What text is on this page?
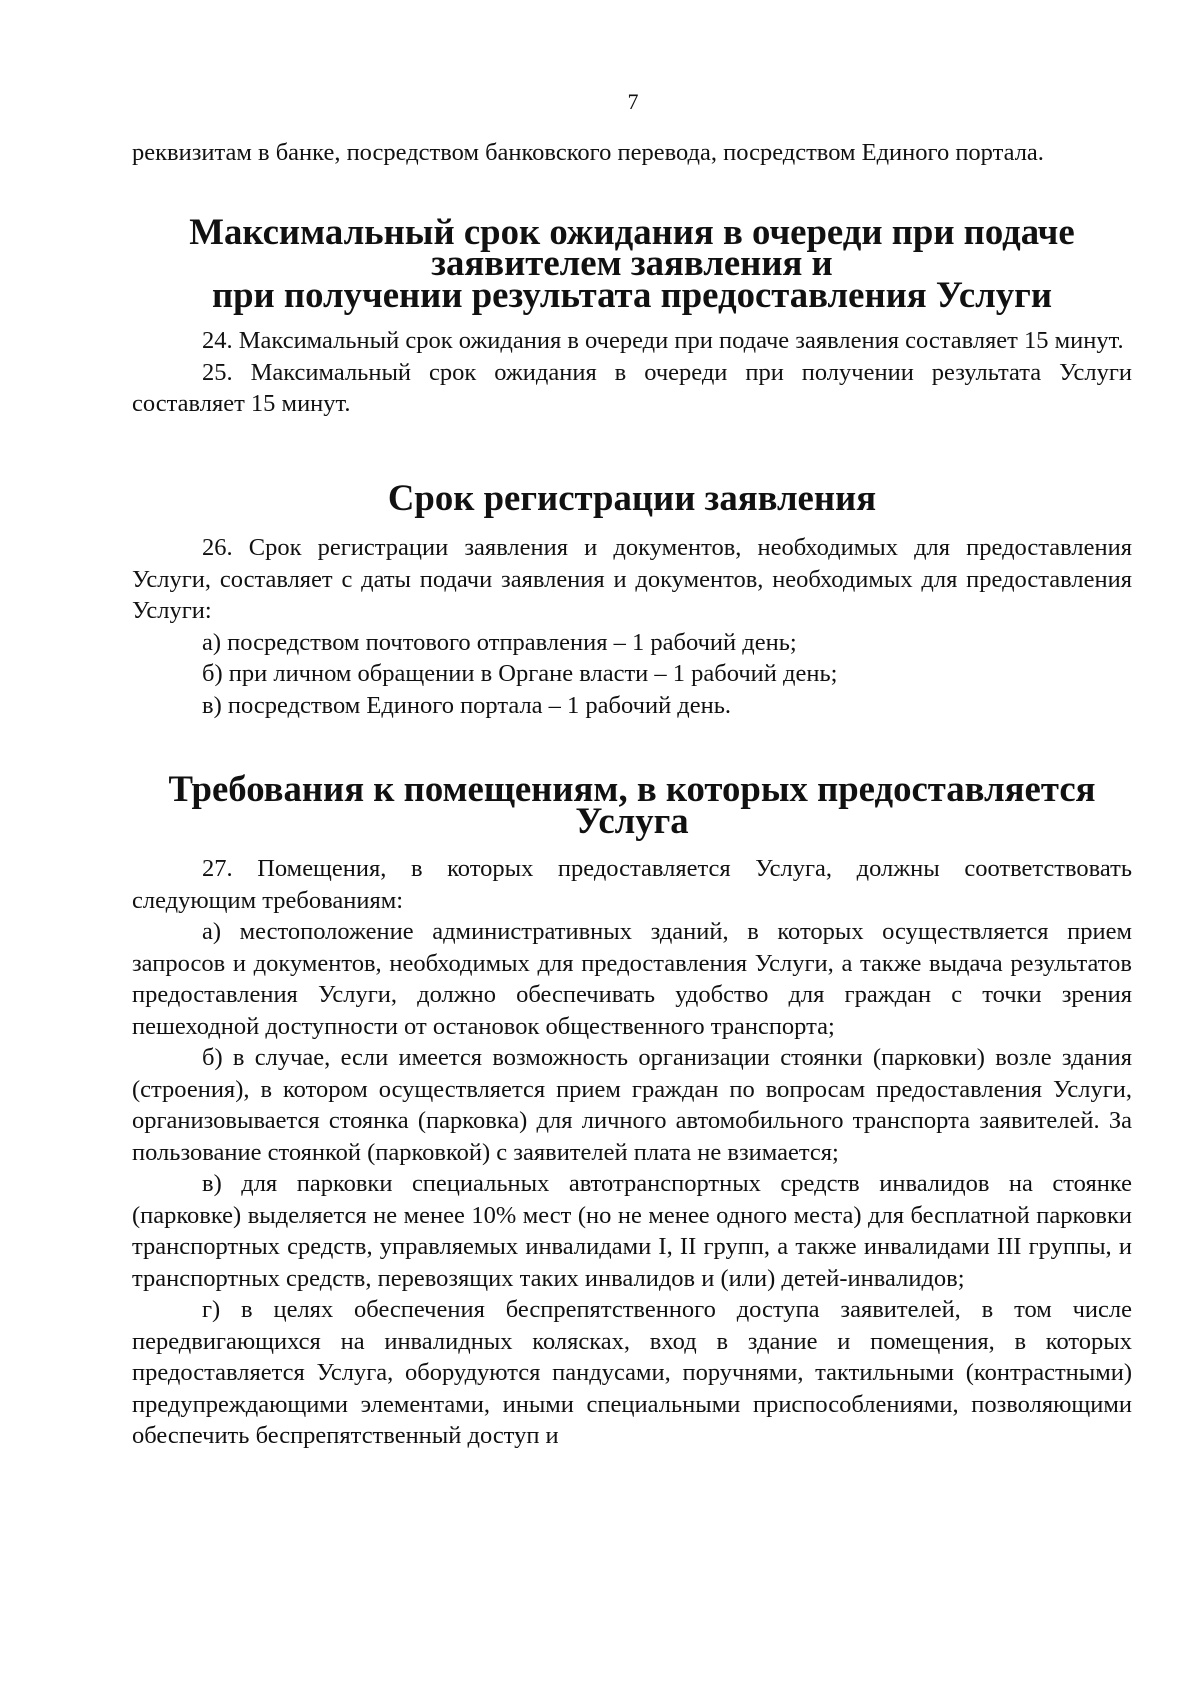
7

реквизитам в банке, посредством банковского перевода, посредством Единого портала.

Максимальный срок ожидания в очереди при подаче заявителем заявления и
при получении результата предоставления Услуги

24. Максимальный срок ожидания в очереди при подаче заявления составляет 15 минут.

25. Максимальный срок ожидания в очереди при получении результата Услуги составляет 15 минут.

Срок регистрации заявления

26. Срок регистрации заявления и документов, необходимых для предоставления Услуги, составляет с даты подачи заявления и документов, необходимых для предоставления Услуги:

а) посредством почтового отправления – 1 рабочий день;

б) при личном обращении в Органе власти – 1 рабочий день;

в) посредством Единого портала – 1 рабочий день.

Требования к помещениям, в которых предоставляется Услуга

27. Помещения, в которых предоставляется Услуга, должны соответствовать следующим требованиям:

а) местоположение административных зданий, в которых осуществляется прием запросов и документов, необходимых для предоставления Услуги, а также выдача результатов предоставления Услуги, должно обеспечивать удобство для граждан с точки зрения пешеходной доступности от остановок общественного транспорта;

б) в случае, если имеется возможность организации стоянки (парковки) возле здания (строения), в котором осуществляется прием граждан по вопросам предоставления Услуги, организовывается стоянка (парковка) для личного автомобильного транспорта заявителей. За пользование стоянкой (парковкой) с заявителей плата не взимается;

в) для парковки специальных автотранспортных средств инвалидов на стоянке (парковке) выделяется не менее 10% мест (но не менее одного места) для бесплатной парковки транспортных средств, управляемых инвалидами I, II групп, а также инвалидами III группы, и транспортных средств, перевозящих таких инвалидов и (или) детей-инвалидов;

г) в целях обеспечения беспрепятственного доступа заявителей, в том числе передвигающихся на инвалидных колясках, вход в здание и помещения, в которых предоставляется Услуга, оборудуются пандусами, поручнями, тактильными (контрастными) предупреждающими элементами, иными специальными приспособлениями, позволяющими обеспечить беспрепятственный доступ и
